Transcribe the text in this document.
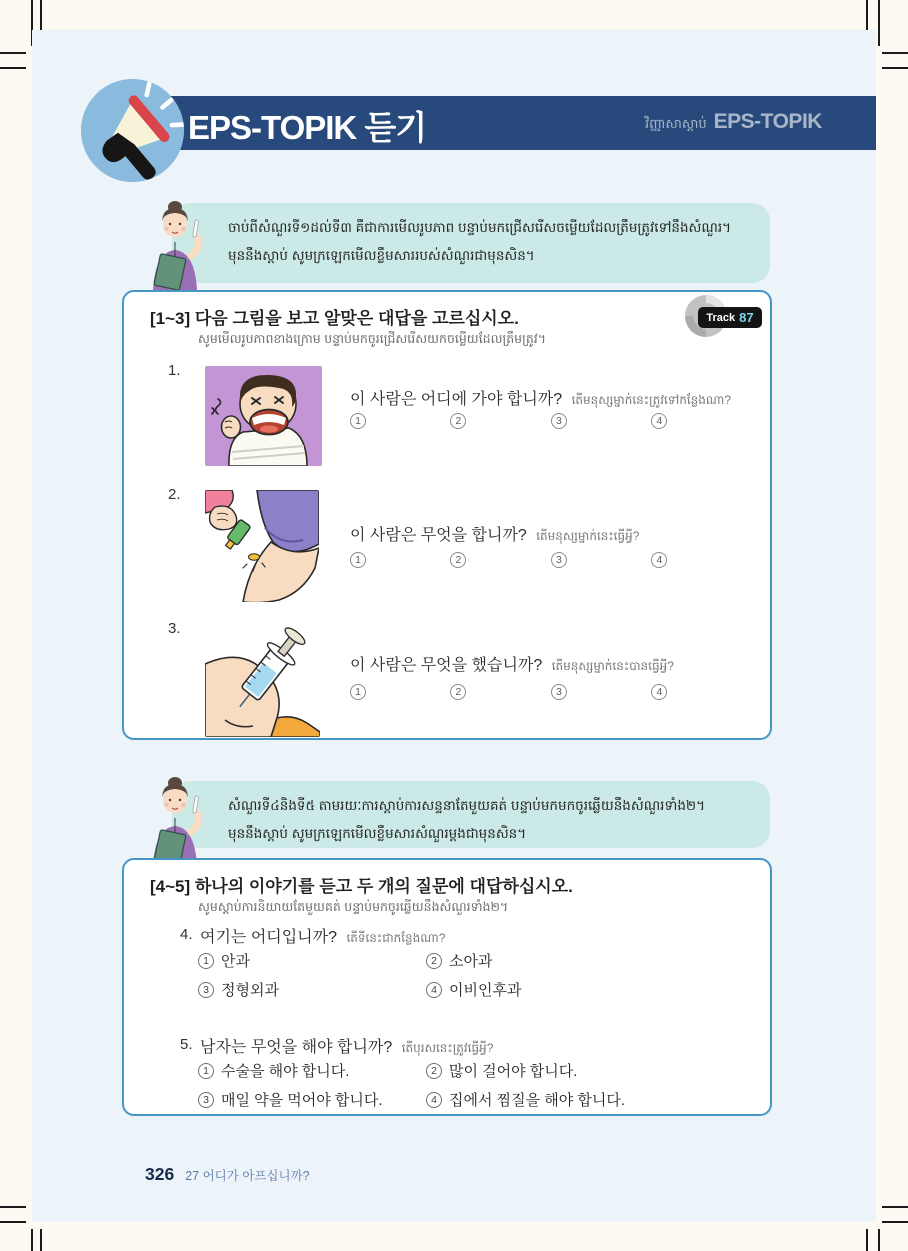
EPS-TOPIK 듣기	វិញ្ញាសាស្តាប់ EPS-TOPIK
ចាប់ពីសំណួរទី១ដល់ទី៣ គឺជាការមើលរូបភាព បន្ទាប់មកជ្រើសរើសចម្លើយដែលត្រឹមត្រូវទៅនឹងសំណួរ។
មុននឹងស្តាប់ សូមក្រឡេកមើលខ្លឹមសាររបស់សំណួរជាមុនសិន។
[1~3] 다음 그림을 보고 알맞은 대답을 고르십시오.
សូមមើលរូបភាពខាងក្រោម បន្ទាប់មកចូរជ្រើសរើសយកចម្លើយដែលត្រឹមត្រូវ។
Track 87
1.
이 사람은 어디에 가야 합니까? តើមនុស្សម្នាក់នេះត្រូវទៅកន្លែងណា?
1	2	3	4
2.
이 사람은 무엇을 합니까? តើមនុស្សម្នាក់នេះធ្វើអ្វី?
1	2	3	4
3.
이 사람은 무엇을 했습니까? តើមនុស្សម្នាក់នេះបានធ្វើអ្វី?
1	2	3	4
សំណួរទី៤និងទី៥ តាមរយៈការស្តាប់ការសន្ទនាតែមួយគត់ បន្ទាប់មកមកចូរឆ្លើយនឹងសំណួរទាំង២។
មុននឹងស្តាប់ សូមក្រឡេកមើលខ្លឹមសារសំណួរម្តងជាមុនសិន។
[4~5] 하나의 이야기를 듣고 두 개의 질문에 대답하십시오.
សូមស្តាប់ការនិយាយតែមួយគត់ បន្ទាប់មកចូរឆ្លើយនឹងសំណួរទាំង២។
4. 여기는 어디입니까? តើទីនេះជាកន្លែងណា?
1 안과	2 소아과
3 정형외과	4 이비인후과
5. 남자는 무엇을 해야 합니까? តើបុរសនេះត្រូវធ្វើអ្វី?
1 수술을 해야 합니다.	2 많이 걸어야 합니다.
3 매일 약을 먹어야 합니다.	4 집에서 찜질을 해야 합니다.
326 27 어디가 아프십니까?
